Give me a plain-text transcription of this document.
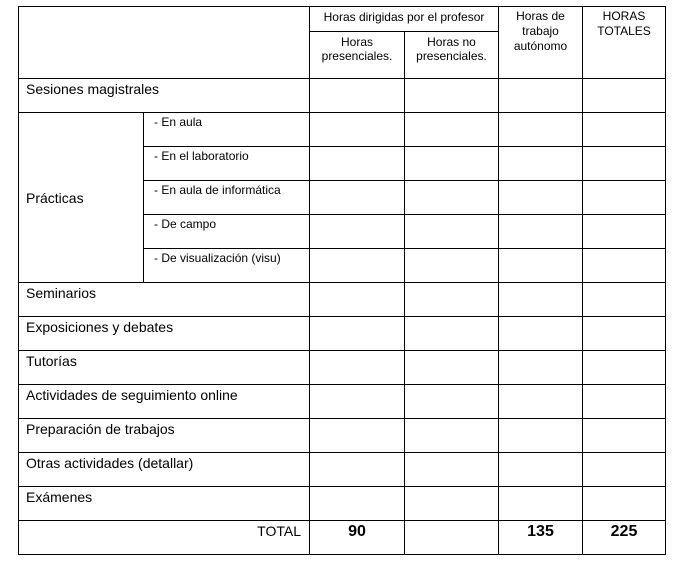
		Horas dirigidas por el profesor		Horas de trabajo autónomo	HORAS TOTALES
		Horas presenciales.	Horas no presenciales.		
Sesiones magistrales					
Prácticas	- En aula				
	- En el laboratorio				
	- En aula de informática				
	- De campo				
	- De visualización (visu)				
Seminarios					
Exposiciones y debates					
Tutorías					
Actividades de seguimiento online					
Preparación de trabajos					
Otras actividades (detallar)					
Exámenes					
TOTAL		90		135	225
